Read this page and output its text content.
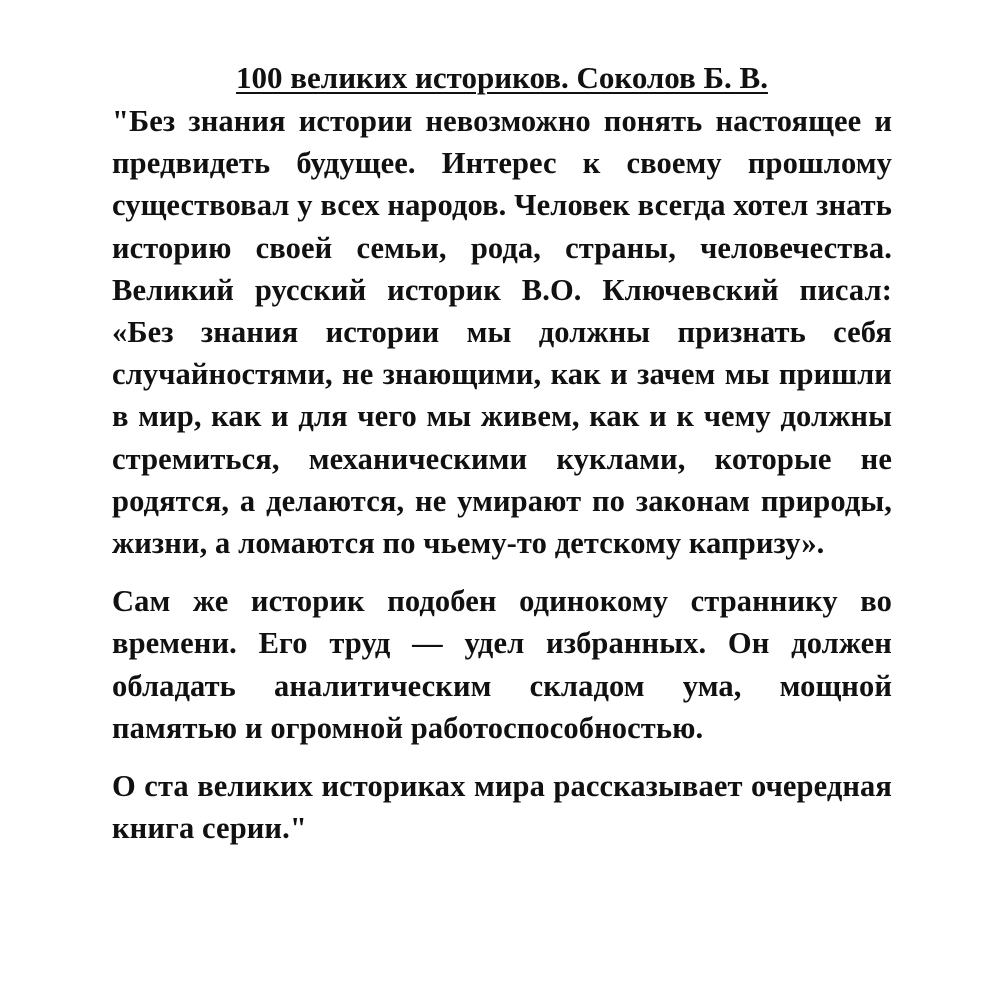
100 великих историков. Соколов Б. В.

"Без знания истории невозможно понять настоящее и предвидеть будущее. Интерес к своему прошлому существовал у всех народов. Человек всегда хотел знать историю своей семьи, рода, страны, человечества. Великий русский историк В.О. Ключевский писал: «Без знания истории мы должны признать себя случайностями, не знающими, как и зачем мы пришли в мир, как и для чего мы живем, как и к чему должны стремиться, механическими куклами, которые не родятся, а делаются, не умирают по законам природы, жизни, а ломаются по чьему-то детскому капризу».

Сам же историк подобен одинокому страннику во времени. Его труд — удел избранных. Он должен обладать аналитическим складом ума, мощной памятью и огромной работоспособностью.

О ста великих историках мира рассказывает очередная книга серии."
